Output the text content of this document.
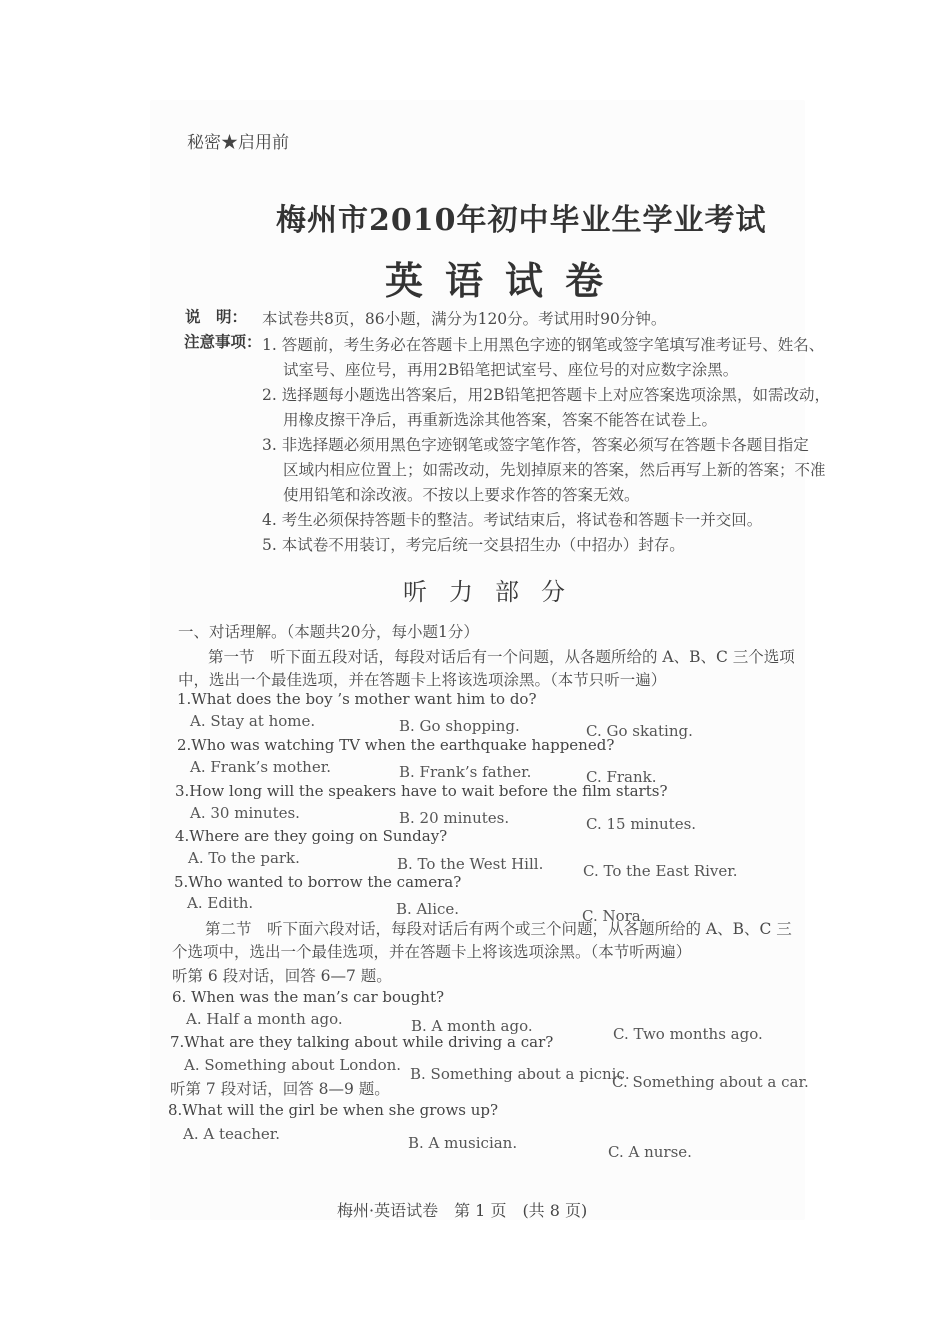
秘密★启用前
梅州市2010年初中毕业生学业考试
英语试卷
说　明： 本试卷共8页，86小题，满分为120分。考试用时90分钟。
注意事项： 1. 答题前，考生务必在答题卡上用黑色字迹的钢笔或签字笔填写准考证号、姓名、
试室号、座位号，再用2B铅笔把试室号、座位号的对应数字涂黑。
2. 选择题每小题选出答案后，用2B铅笔把答题卡上对应答案选项涂黑，如需改动，
用橡皮擦干净后，再重新选涂其他答案，答案不能答在试卷上。
3. 非选择题必须用黑色字迹钢笔或签字笔作答，答案必须写在答题卡各题目指定
区域内相应位置上；如需改动，先划掉原来的答案，然后再写上新的答案；不准
使用铅笔和涂改液。不按以上要求作答的答案无效。
4. 考生必须保持答题卡的整洁。考试结束后，将试卷和答题卡一并交回。
5. 本试卷不用装订，考完后统一交县招生办（中招办）封存。
听力部分
一、对话理解。（本题共20分，每小题1分）
第一节　听下面五段对话，每段对话后有一个问题，从各题所给的 A、B、C 三个选项
中，选出一个最佳选项，并在答题卡上将该选项涂黑。（本节只听一遍）
1.What does the boy ’s mother want him to do?
A. Stay at home.	B. Go shopping.	C. Go skating.
2.Who was watching TV when the earthquake happened?
A. Frank’s mother.	B. Frank’s father.	C. Frank.
3.How long will the speakers have to wait before the film starts?
A. 30 minutes.	B. 20 minutes.	C. 15 minutes.
4.Where are they going on Sunday?
A. To the park.	B. To the West Hill.	C. To the East River.
5.Who wanted to borrow the camera?
A. Edith.	B. Alice.	C. Nora.
第二节　听下面六段对话，每段对话后有两个或三个问题，从各题所给的 A、B、C 三
个选项中，选出一个最佳选项，并在答题卡上将该选项涂黑。（本节听两遍）
听第 6 段对话，回答 6—7 题。
6. When was the man’s car bought?
A. Half a month ago.	B. A month ago.	C. Two months ago.
7.What are they talking about while driving a car?
A. Something about London. B. Something about a picnic.
C. Something about a car.
听第 7 段对话，回答 8—9 题。
8.What will the girl be when she grows up?
A. A teacher.	B. A musician.	C. A nurse.
梅州·英语试卷　第 1 页　(共 8 页)
